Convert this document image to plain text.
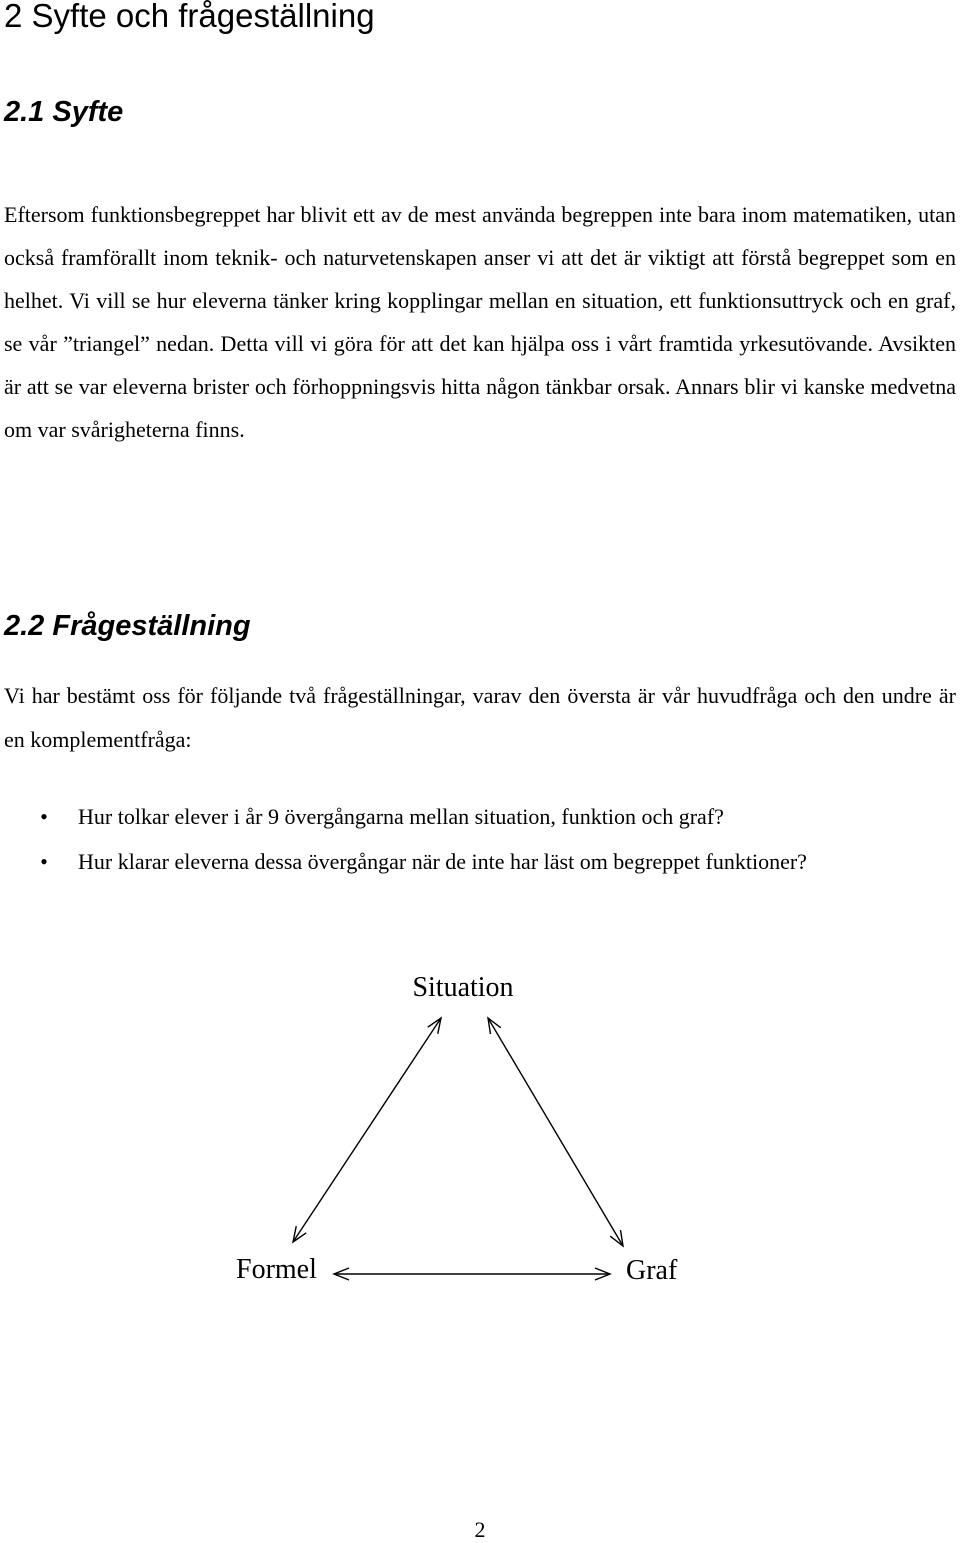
2 Syfte och frågeställning
2.1 Syfte

Eftersom funktionsbegreppet har blivit ett av de mest använda begreppen inte bara inom matematiken, utan också framförallt inom teknik- och naturvetenskapen anser vi att det är viktigt att förstå begreppet som en helhet. Vi vill se hur eleverna tänker kring kopplingar mellan en situation, ett funktionsuttryck och en graf, se vår ”triangel” nedan. Detta vill vi göra för att det kan hjälpa oss i vårt framtida yrkesutövande. Avsikten är att se var eleverna brister och förhoppningsvis hitta någon tänkbar orsak. Annars blir vi kanske medvetna om var svårigheterna finns.

2.2 Frågeställning

Vi har bestämt oss för följande två frågeställningar, varav den översta är vår huvudfråga och den undre är en komplementfråga:

• Hur tolkar elever i år 9 övergångarna mellan situation, funktion och graf?
• Hur klarar eleverna dessa övergångar när de inte har läst om begreppet funktioner?
Situation
Formel	Graf
2
